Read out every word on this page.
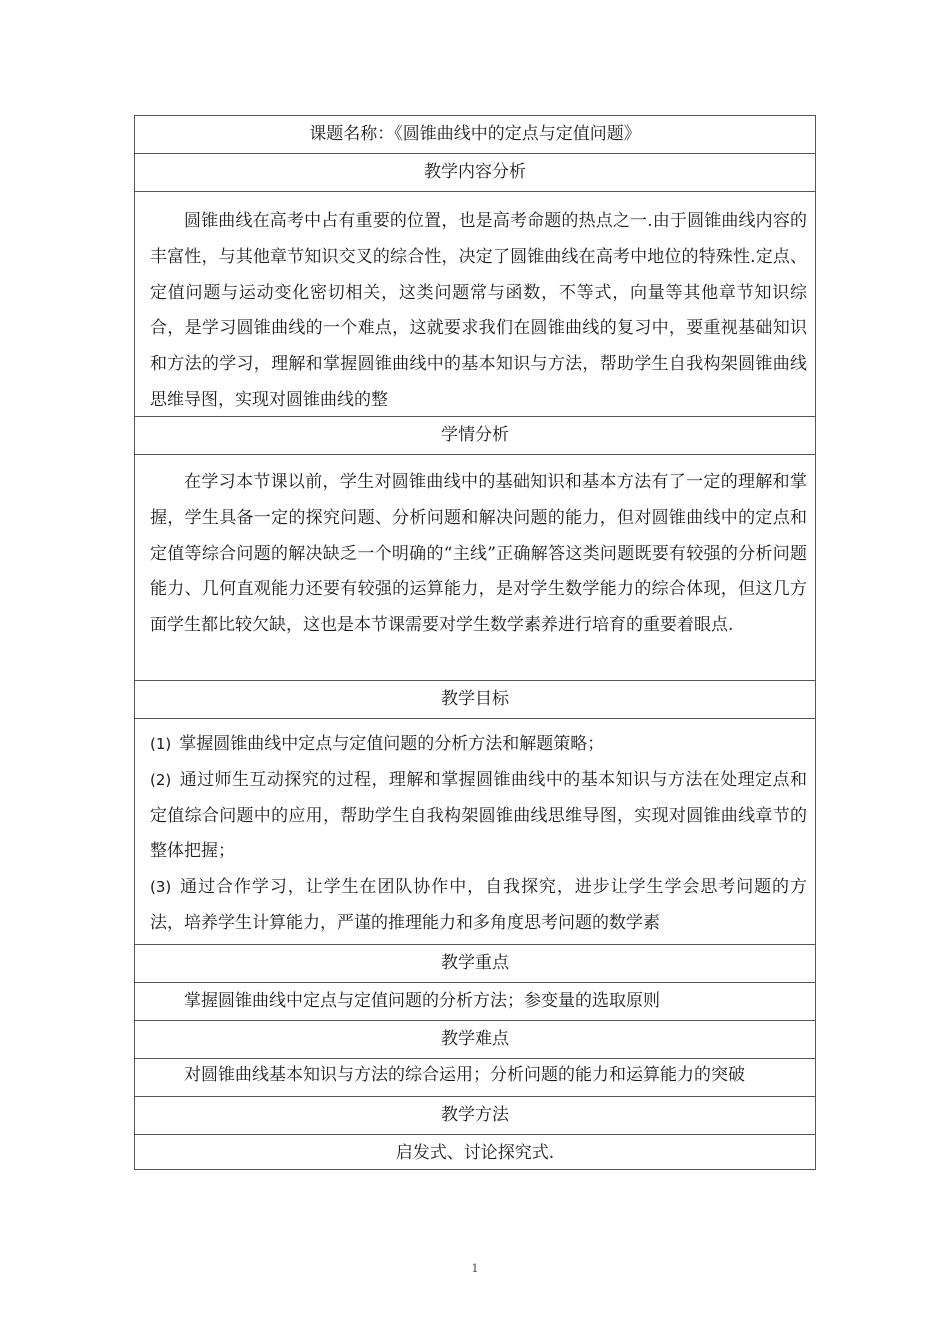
课题名称：《圆锥曲线中的定点与定值问题》
教学内容分析

圆锥曲线在高考中占有重要的位置，也是高考命题的热点之一.由于圆锥曲线内容的丰富性，与其他章节知识交叉的综合性，决定了圆锥曲线在高考中地位的特殊性.定点、定值问题与运动变化密切相关，这类问题常与函数，不等式，向量等其他章节知识综合，是学习圆锥曲线的一个难点，这就要求我们在圆锥曲线的复习中，要重视基础知识和方法的学习，理解和掌握圆锥曲线中的基本知识与方法，帮助学生自我构架圆锥曲线思维导图，实现对圆锥曲线的整

学情分析

在学习本节课以前，学生对圆锥曲线中的基础知识和基本方法有了一定的理解和掌握，学生具备一定的探究问题、分析问题和解决问题的能力，但对圆锥曲线中的定点和定值等综合问题的解决缺乏一个明确的“主线”正确解答这类问题既要有较强的分析问题能力、几何直观能力还要有较强的运算能力，是对学生数学能力的综合体现，但这几方面学生都比较欠缺，这也是本节课需要对学生数学素养进行培育的重要着眼点.

教学目标

(1) 掌握圆锥曲线中定点与定值问题的分析方法和解题策略；

(2) 通过师生互动探究的过程，理解和掌握圆锥曲线中的基本知识与方法在处理定点和定值综合问题中的应用，帮助学生自我构架圆锥曲线思维导图，实现对圆锥曲线章节的整体把握；

(3) 通过合作学习，让学生在团队协作中，自我探究，进步让学生学会思考问题的方法，培养学生计算能力，严谨的推理能力和多角度思考问题的数学素

教学重点

掌握圆锥曲线中定点与定值问题的分析方法；参变量的选取原则

教学难点

对圆锥曲线基本知识与方法的综合运用；分析问题的能力和运算能力的突破

教学方法
启发式、讨论探究式.
1
